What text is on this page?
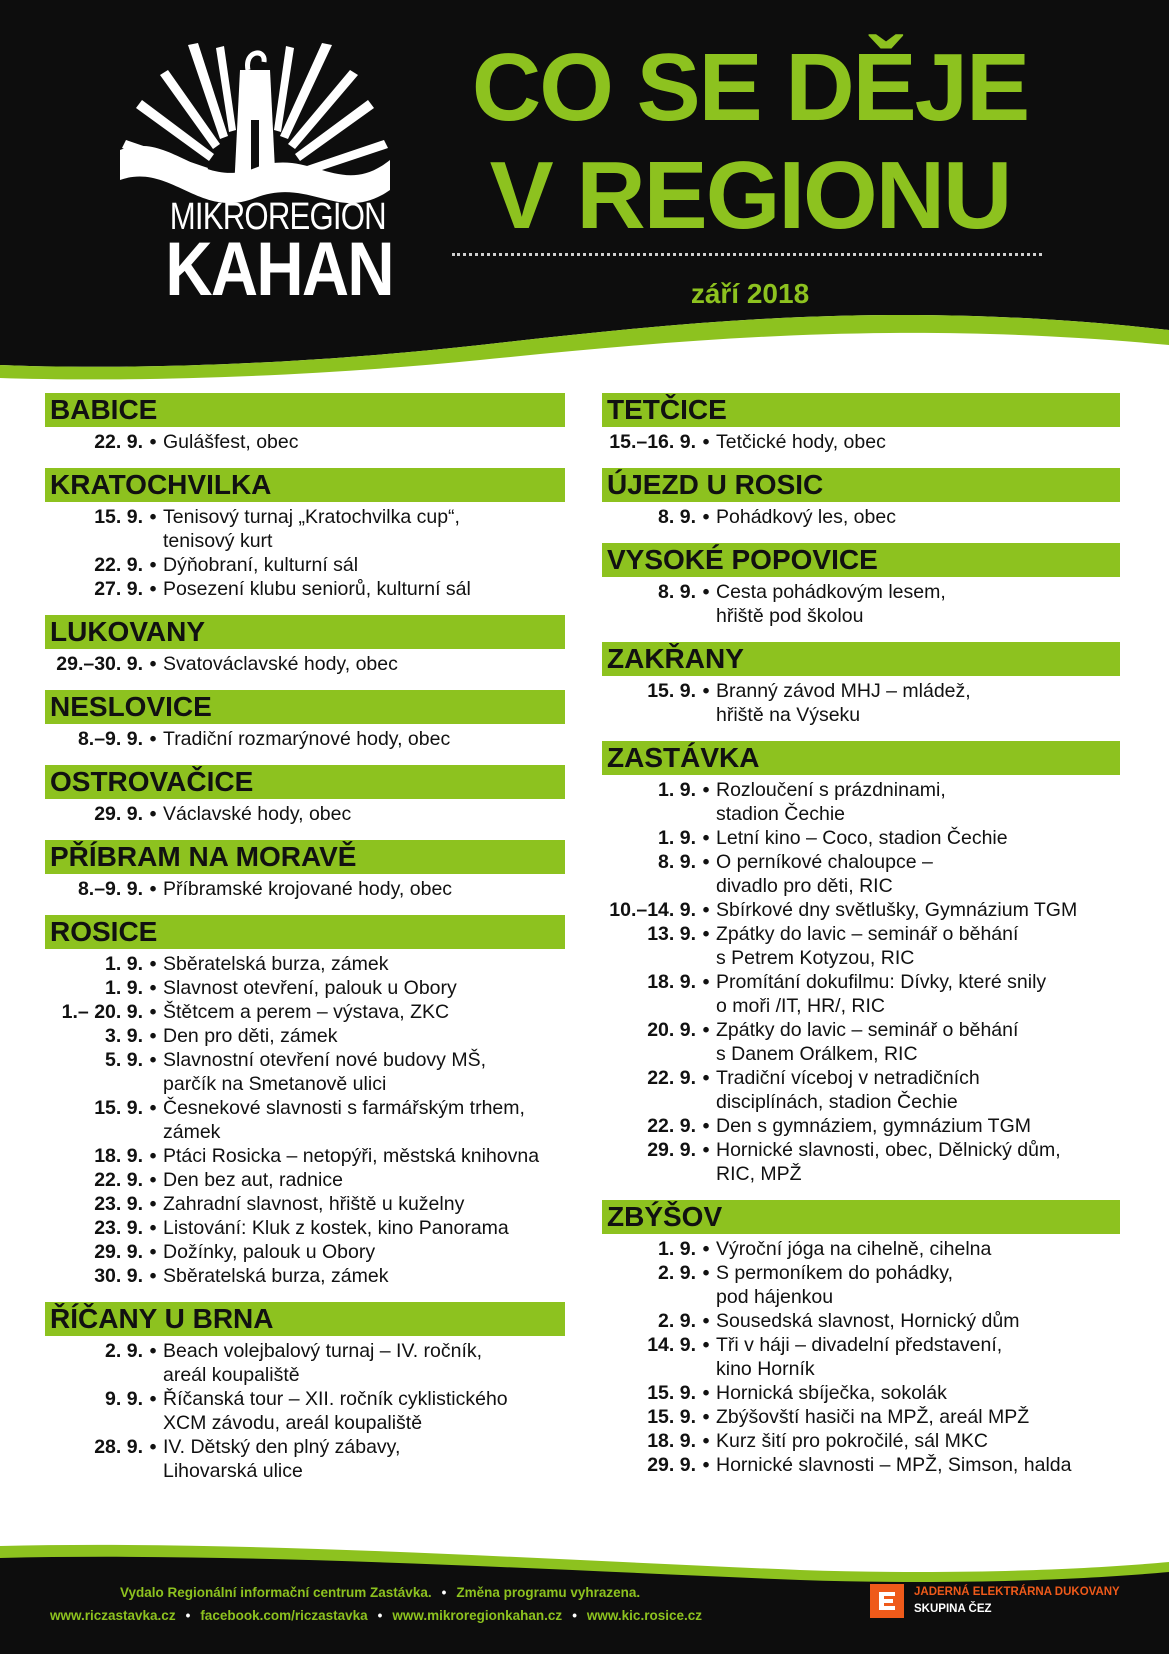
MIKROREGION
KAHAN
CO SE DĚJE
V REGIONU
září 2018
BABICE
22. 9. • Gulášfest, obec
KRATOCHVILKA
15. 9. • Tenisový turnaj „Kratochvilka cup“,
tenisový kurt
22. 9. • Dýňobraní, kulturní sál
27. 9. • Posezení klubu seniorů, kulturní sál
LUKOVANY
29.–30. 9. • Svatováclavské hody, obec
NESLOVICE
8.–9. 9. • Tradiční rozmarýnové hody, obec
OSTROVAČICE
29. 9. • Václavské hody, obec
PŘÍBRAM NA MORAVĚ
8.–9. 9. • Příbramské krojované hody, obec
ROSICE
1. 9. • Sběratelská burza, zámek
1. 9. • Slavnost otevření, palouk u Obory
1.– 20. 9. • Štětcem a perem – výstava, ZKC
3. 9. • Den pro děti, zámek
5. 9. • Slavnostní otevření nové budovy MŠ,
parčík na Smetanově ulici
15. 9. • Česnekové slavnosti s farmářským trhem,
zámek
18. 9. • Ptáci Rosicka – netopýři, městská knihovna
22. 9. • Den bez aut, radnice
23. 9. • Zahradní slavnost, hřiště u kuželny
23. 9. • Listování: Kluk z kostek, kino Panorama
29. 9. • Dožínky, palouk u Obory
30. 9. • Sběratelská burza, zámek
ŘÍČANY U BRNA
2. 9. • Beach volejbalový turnaj – IV. ročník,
areál koupaliště
9. 9. • Říčanská tour – XII. ročník cyklistického
XCM závodu, areál koupaliště
28. 9. • IV. Dětský den plný zábavy,
Lihovarská ulice
TETČICE
15.–16. 9. • Tetčické hody, obec
ÚJEZD U ROSIC
8. 9. • Pohádkový les, obec
VYSOKÉ POPOVICE
8. 9. • Cesta pohádkovým lesem,
hřiště pod školou
ZAKŘANY
15. 9. • Branný závod MHJ – mládež,
hřiště na Výseku
ZASTÁVKA
1. 9. • Rozloučení s prázdninami,
stadion Čechie
1. 9. • Letní kino – Coco, stadion Čechie
8. 9. • O perníkové chaloupce –
divadlo pro děti, RIC
10.–14. 9. • Sbírkové dny světlušky, Gymnázium TGM
13. 9. • Zpátky do lavic – seminář o běhání
s Petrem Kotyzou, RIC
18. 9. • Promítání dokufilmu: Dívky, které snily
o moři /IT, HR/, RIC
20. 9. • Zpátky do lavic – seminář o běhání
s Danem Orálkem, RIC
22. 9. • Tradiční víceboj v netradičních
disciplínách, stadion Čechie
22. 9. • Den s gymnáziem, gymnázium TGM
29. 9. • Hornické slavnosti, obec, Dělnický dům,
RIC, MPŽ
ZBÝŠOV
1. 9. • Výroční jóga na cihelně, cihelna
2. 9. • S permoníkem do pohádky,
pod hájenkou
2. 9. • Sousedská slavnost, Hornický dům
14. 9. • Tři v háji – divadelní představení,
kino Horník
15. 9. • Hornická sbíječka, sokolák
15. 9. • Zbýšovští hasiči na MPŽ, areál MPŽ
18. 9. • Kurz šití pro pokročilé, sál MKC
29. 9. • Hornické slavnosti – MPŽ, Simson, halda
Vydalo Regionální informační centrum Zastávka. • Změna programu vyhrazena.
www.riczastavka.cz • facebook.com/riczastavka • www.mikroregionkahan.cz • www.kic.rosice.cz
JADERNÁ ELEKTRÁRNA DUKOVANY
SKUPINA ČEZ
